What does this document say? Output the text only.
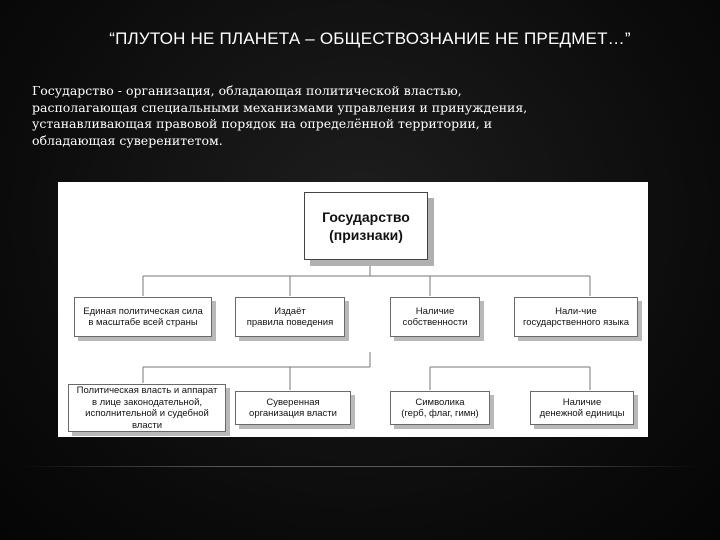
“ПЛУТОН НЕ ПЛАНЕТА – ОБЩЕСТВОЗНАНИЕ НЕ ПРЕДМЕТ…”

Государство - организация, обладающая политической властью,
располагающая специальными механизмами управления и принуждения,
устанавливающая правовой порядок на определённой территории, и
обладающая суверенитетом.

Государство
(признаки)
Единая политическая сила
в масштабе всей страны
Издаёт
правила поведения
Наличие
собственности
Нали-чие
государственного языка
Политическая власть и аппарат
в лице законодательной,
исполнительной и судебной власти
Суверенная
организация власти
Символика
(герб, флаг, гимн)
Наличие
денежной единицы
